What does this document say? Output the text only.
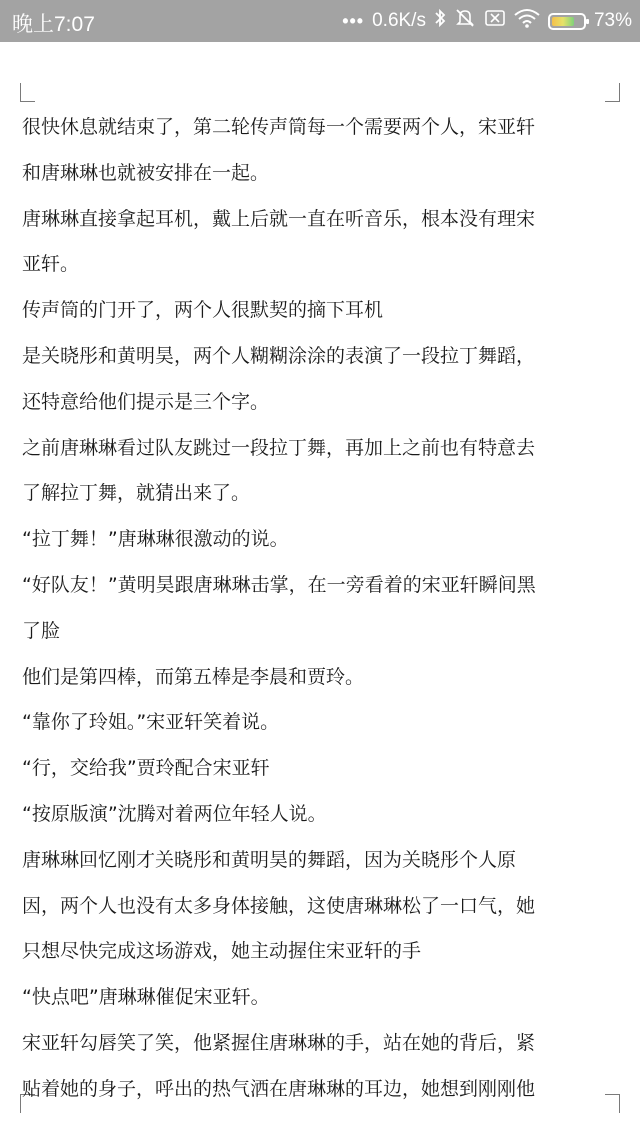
晚上7:07	••• 0.6K/s	73%
很快休息就结束了，第二轮传声筒每一个需要两个人，宋亚轩
和唐琳琳也就被安排在一起。
唐琳琳直接拿起耳机，戴上后就一直在听音乐，根本没有理宋
亚轩。
传声筒的门开了，两个人很默契的摘下耳机
是关晓彤和黄明昊，两个人糊糊涂涂的表演了一段拉丁舞蹈，
还特意给他们提示是三个字。
之前唐琳琳看过队友跳过一段拉丁舞，再加上之前也有特意去
了解拉丁舞，就猜出来了。
“拉丁舞！”唐琳琳很激动的说。
“好队友！”黄明昊跟唐琳琳击掌，在一旁看着的宋亚轩瞬间黑
了脸
他们是第四棒，而第五棒是李晨和贾玲。
“靠你了玲姐。”宋亚轩笑着说。
“行，交给我”贾玲配合宋亚轩
“按原版演”沈腾对着两位年轻人说。
唐琳琳回忆刚才关晓彤和黄明昊的舞蹈，因为关晓彤个人原
因，两个人也没有太多身体接触，这使唐琳琳松了一口气，她
只想尽快完成这场游戏，她主动握住宋亚轩的手
“快点吧”唐琳琳催促宋亚轩。
宋亚轩勾唇笑了笑，他紧握住唐琳琳的手，站在她的背后，紧
贴着她的身子，呼出的热气洒在唐琳琳的耳边，她想到刚刚他
